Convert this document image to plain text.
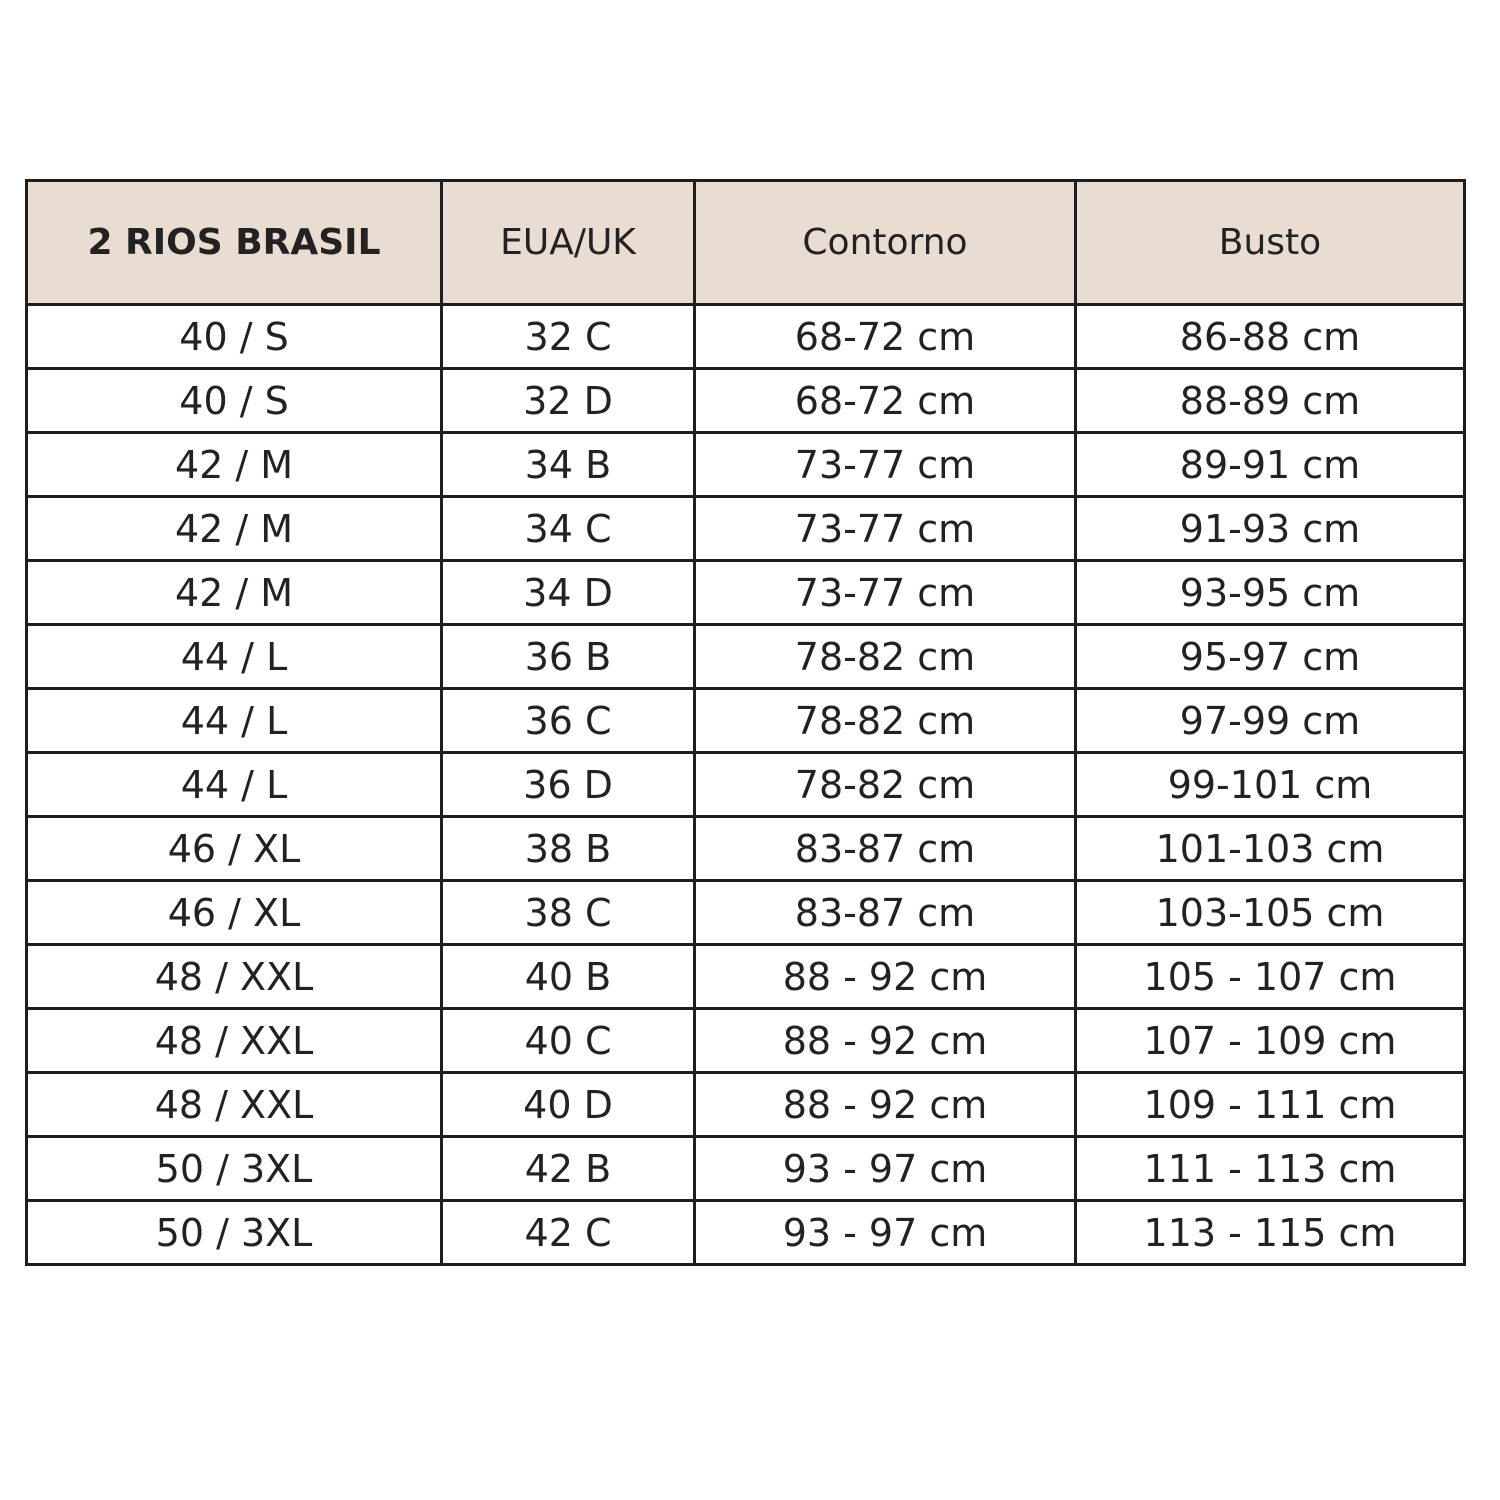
2 RIOS BRASIL	EUA/UK	Contorno	Busto
40 / S	32 C	68-72 cm	86-88 cm
40 / S	32 D	68-72 cm	88-89 cm
42 / M	34 B	73-77 cm	89-91 cm
42 / M	34 C	73-77 cm	91-93 cm
42 / M	34 D	73-77 cm	93-95 cm
44 / L	36 B	78-82 cm	95-97 cm
44 / L	36 C	78-82 cm	97-99 cm
44 / L	36 D	78-82 cm	99-101 cm
46 / XL	38 B	83-87 cm	101-103 cm
46 / XL	38 C	83-87 cm	103-105 cm
48 / XXL	40 B	88 - 92 cm	105 - 107 cm
48 / XXL	40 C	88 - 92 cm	107 - 109 cm
48 / XXL	40 D	88 - 92 cm	109 - 111 cm
50 / 3XL	42 B	93 - 97 cm	111 - 113 cm
50 / 3XL	42 C	93 - 97 cm	113 - 115 cm
